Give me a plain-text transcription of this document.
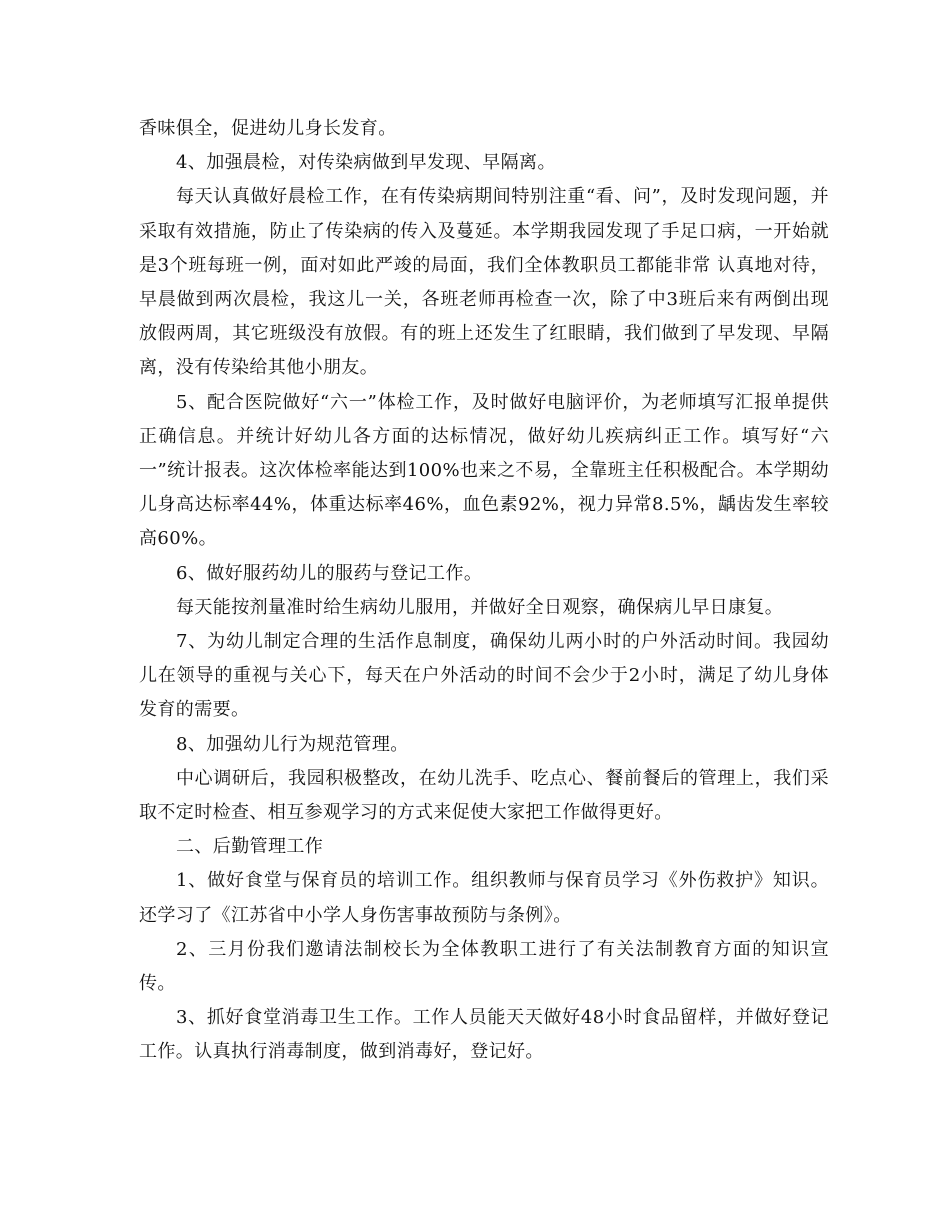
香味俱全，促进幼儿身长发育。

4、加强晨检，对传染病做到早发现、早隔离。

每天认真做好晨检工作，在有传染病期间特别注重“看、问”，及时发现问题，并采取有效措施，防止了传染病的传入及蔓延。本学期我园发现了手足口病，一开始就是3个班每班一例，面对如此严竣的局面，我们全体教职员工都能非常 认真地对待，早晨做到两次晨检，我这儿一关，各班老师再检查一次，除了中3班后来有两倒出现放假两周，其它班级没有放假。有的班上还发生了红眼睛，我们做到了早发现、早隔离，没有传染给其他小朋友。

5、配合医院做好“六一”体检工作，及时做好电脑评价，为老师填写汇报单提供正确信息。并统计好幼儿各方面的达标情况，做好幼儿疾病纠正工作。填写好“六一”统计报表。这次体检率能达到100%也来之不易，全靠班主任积极配合。本学期幼儿身高达标率44%，体重达标率46%，血色素92%，视力异常8.5%，龋齿发生率较高60%。

6、做好服药幼儿的服药与登记工作。

每天能按剂量准时给生病幼儿服用，并做好全日观察，确保病儿早日康复。

7、为幼儿制定合理的生活作息制度，确保幼儿两小时的户外活动时间。我园幼儿在领导的重视与关心下，每天在户外活动的时间不会少于2小时，满足了幼儿身体发育的需要。

8、加强幼儿行为规范管理。

中心调研后，我园积极整改，在幼儿洗手、吃点心、餐前餐后的管理上，我们采取不定时检查、相互参观学习的方式来促使大家把工作做得更好。

二、后勤管理工作

1、做好食堂与保育员的培训工作。组织教师与保育员学习《外伤救护》知识。还学习了《江苏省中小学人身伤害事故预防与条例》。

2、三月份我们邀请法制校长为全体教职工进行了有关法制教育方面的知识宣传。

3、抓好食堂消毒卫生工作。工作人员能天天做好48小时食品留样，并做好登记工作。认真执行消毒制度，做到消毒好，登记好。
